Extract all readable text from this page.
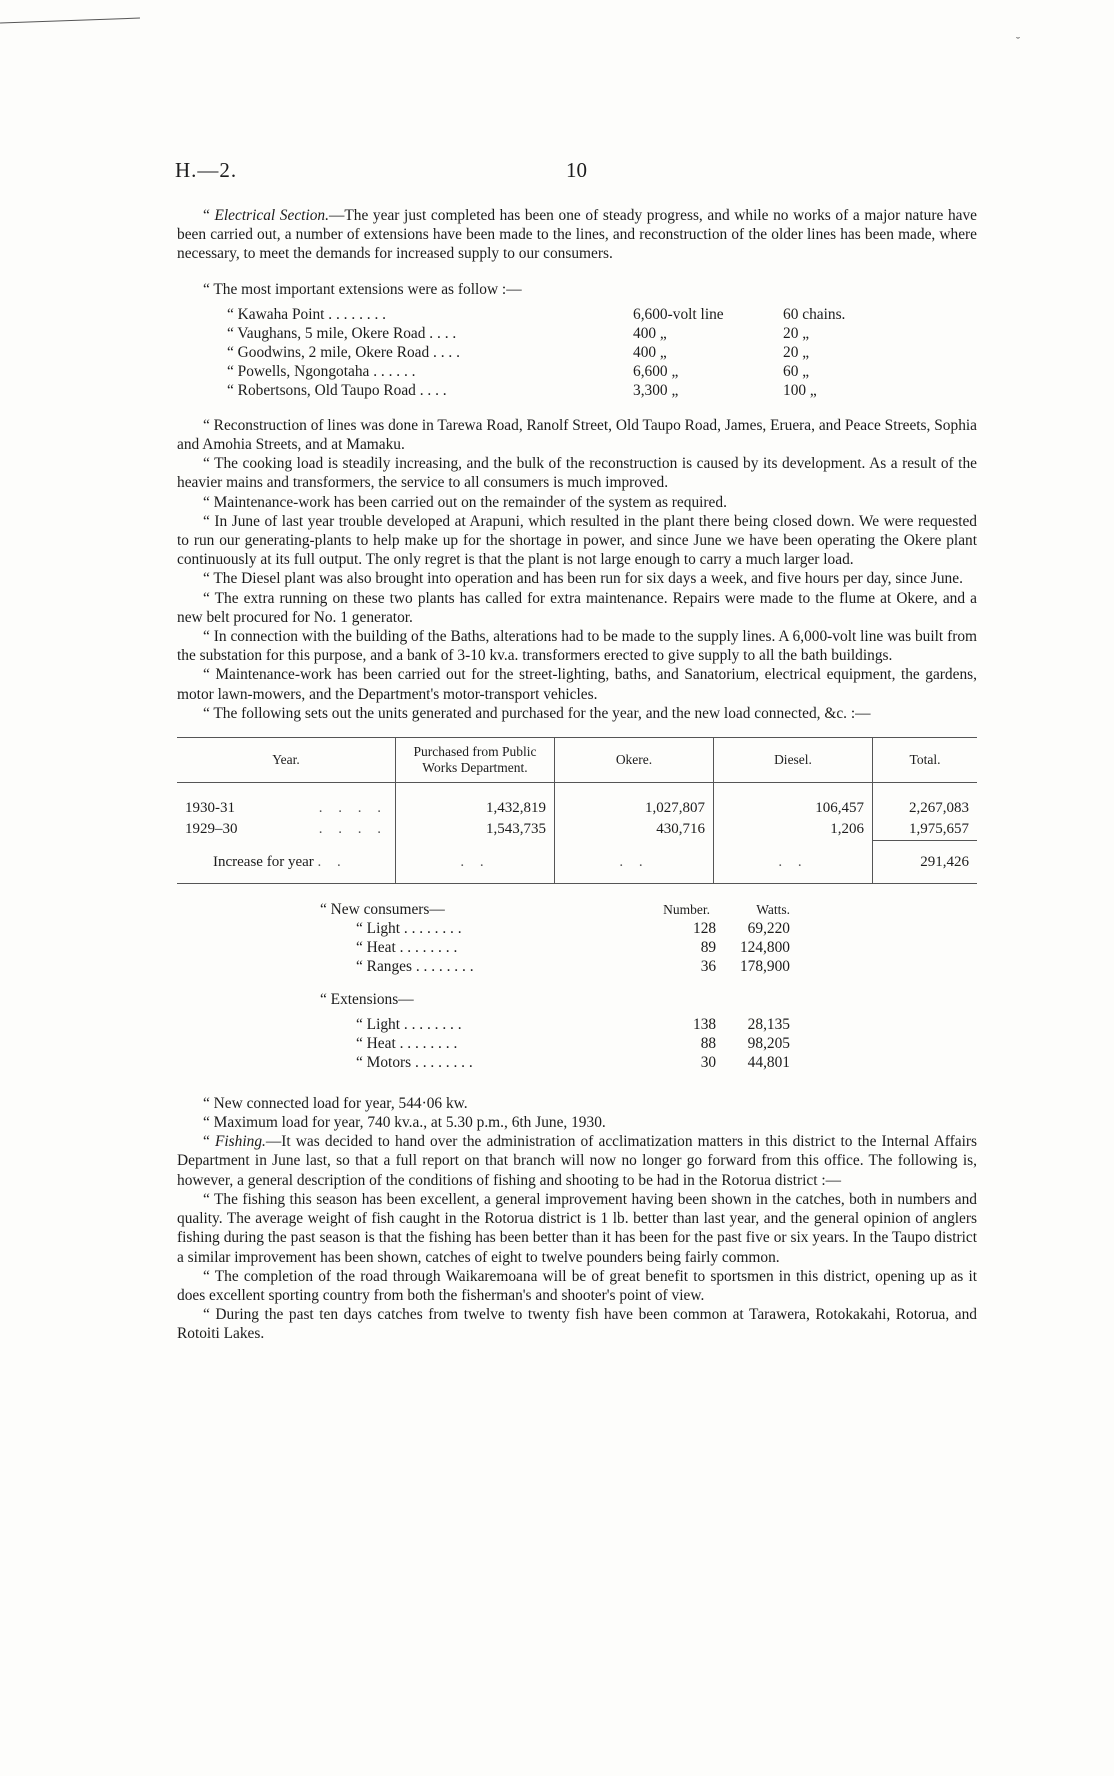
˘
H.—2.	10

“ Electrical Section.—The year just completed has been one of steady progress, and while no works of a major nature have been carried out, a number of extensions have been made to the lines, and reconstruction of the older lines has been made, where necessary, to meet the demands for increased supply to our consumers.

“ The most important extensions were as follow :—

“ Kawaha Point . . . . . . . .	6,600-volt line	60 chains.
“ Vaughans, 5 mile, Okere Road . . . .	400 „	20 „
“ Goodwins, 2 mile, Okere Road . . . .	400 „	20 „
“ Powells, Ngongotaha . . . . . .	6,600 „	60 „
“ Robertsons, Old Taupo Road . . . .	3,300 „	100 „

“ Reconstruction of lines was done in Tarewa Road, Ranolf Street, Old Taupo Road, James, Eruera, and Peace Streets, Sophia and Amohia Streets, and at Mamaku.

“ The cooking load is steadily increasing, and the bulk of the reconstruction is caused by its development. As a result of the heavier mains and transformers, the service to all consumers is much improved.

“ Maintenance-work has been carried out on the remainder of the system as required.

“ In June of last year trouble developed at Arapuni, which resulted in the plant there being closed down. We were requested to run our generating-plants to help make up for the shortage in power, and since June we have been operating the Okere plant continuously at its full output. The only regret is that the plant is not large enough to carry a much larger load.

“ The Diesel plant was also brought into operation and has been run for six days a week, and five hours per day, since June.

“ The extra running on these two plants has called for extra maintenance. Repairs were made to the flume at Okere, and a new belt procured for No. 1 generator.

“ In connection with the building of the Baths, alterations had to be made to the supply lines. A 6,000-volt line was built from the substation for this purpose, and a bank of 3-10 kv.a. transformers erected to give supply to all the bath buildings.

“ Maintenance-work has been carried out for the street-lighting, baths, and Sanatorium, electrical equipment, the gardens, motor lawn-mowers, and the Department's motor-transport vehicles.

“ The following sets out the units generated and purchased for the year, and the new load connected, &c. :—

Year.	Purchased from Public Works Department.	Okere.	Diesel.	Total.
1930-31 . . . .	1,432,819	1,027,807	106,457	2,267,083
1929–30 . . . .	1,543,735	430,716	1,206	1,975,657
Increase for year . .	. .	. .	. .	291,426
“ New consumers—	Number.	Watts.
“ Light . . . . . . . .	128	69,220
“ Heat . . . . . . . .	89	124,800
“ Ranges . . . . . . . .	36	178,900
“ Extensions—
“ Light . . . . . . . .	138	28,135
“ Heat . . . . . . . .	88	98,205
“ Motors . . . . . . . .	30	44,801

“ New connected load for year, 544·06 kw.

“ Maximum load for year, 740 kv.a., at 5.30 p.m., 6th June, 1930.

“ Fishing.—It was decided to hand over the administration of acclimatization matters in this district to the Internal Affairs Department in June last, so that a full report on that branch will now no longer go forward from this office. The following is, however, a general description of the conditions of fishing and shooting to be had in the Rotorua district :—

“ The fishing this season has been excellent, a general improvement having been shown in the catches, both in numbers and quality. The average weight of fish caught in the Rotorua district is 1 lb. better than last year, and the general opinion of anglers fishing during the past season is that the fishing has been better than it has been for the past five or six years. In the Taupo district a similar improvement has been shown, catches of eight to twelve pounders being fairly common.

“ The completion of the road through Waikaremoana will be of great benefit to sportsmen in this district, opening up as it does excellent sporting country from both the fisherman's and shooter's point of view.

“ During the past ten days catches from twelve to twenty fish have been common at Tarawera, Rotokakahi, Rotorua, and Rotoiti Lakes.
